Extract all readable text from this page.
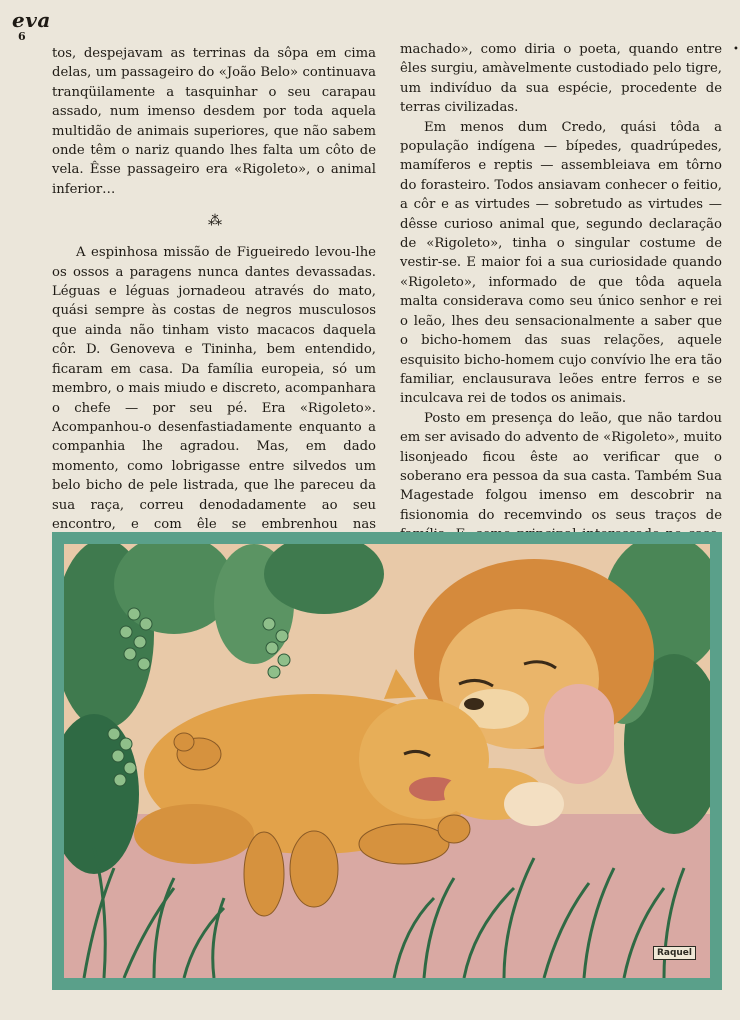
eva
6
•

tos, despejavam as terrinas da sôpa em cima delas, um passageiro do «João Belo» continuava tranqüilamente a tasquinhar o seu carapau assado, num imenso desdem por toda aquela multidão de animais superiores, que não sabem onde têm o nariz quando lhes falta um côto de vela. Êsse passageiro era «Rigoleto», o animal inferior…

⁂

A espinhosa missão de Figueiredo levou-lhe os ossos a paragens nunca dantes devassadas. Léguas e léguas jornadeou através do mato, quási sempre às costas de negros musculosos que ainda não tinham visto macacos daquela côr. D. Genoveva e Tininha, bem entendido, ficaram em casa. Da família europeia, só um membro, o mais miudo e discreto, acompanhara o chefe — por seu pé. Era «Rigoleto». Acompanhou-o desenfastiadamente enquanto a companhia lhe agradou. Mas, em dado momento, como lobrigasse entre silvedos um belo bicho de pele listrada, que lhe pareceu da sua raça, correu denodadamente ao seu encontro, e com êle se embrenhou nas

machado», como diria o poeta, quando entre êles surgiu, amàvelmente custodiado pelo tigre, um indivíduo da sua espécie, procedente de terras civilizadas.

Em menos dum Credo, quási tôda a população indígena — bípedes, quadrúpedes, mamíferos e reptis — assembleiava em tôrno do forasteiro. Todos ansiavam conhecer o feitio, a côr e as virtudes — sobretudo as virtudes — dêsse curioso animal que, segundo declaração de «Rigoleto», tinha o singular costume de vestir-se. E maior foi a sua curiosidade quando «Rigoleto», informado de que tôda aquela malta considerava como seu único senhor e rei o leão, lhes deu sensacionalmente a saber que o bicho-homem das suas relações, aquele esquisito bicho-homem cujo convívio lhe era tão familiar, enclausurava leões entre ferros e se inculcava rei de todos os animais.

Posto em presença do leão, que não tardou em ser avisado do advento de «Rigoleto», muito lisonjeado ficou êste ao verificar que o soberano era pessoa da sua casta. Também Sua Magestade folgou imenso em descobrir na fisionomia do recemvindo os seus traços de

Raquel
